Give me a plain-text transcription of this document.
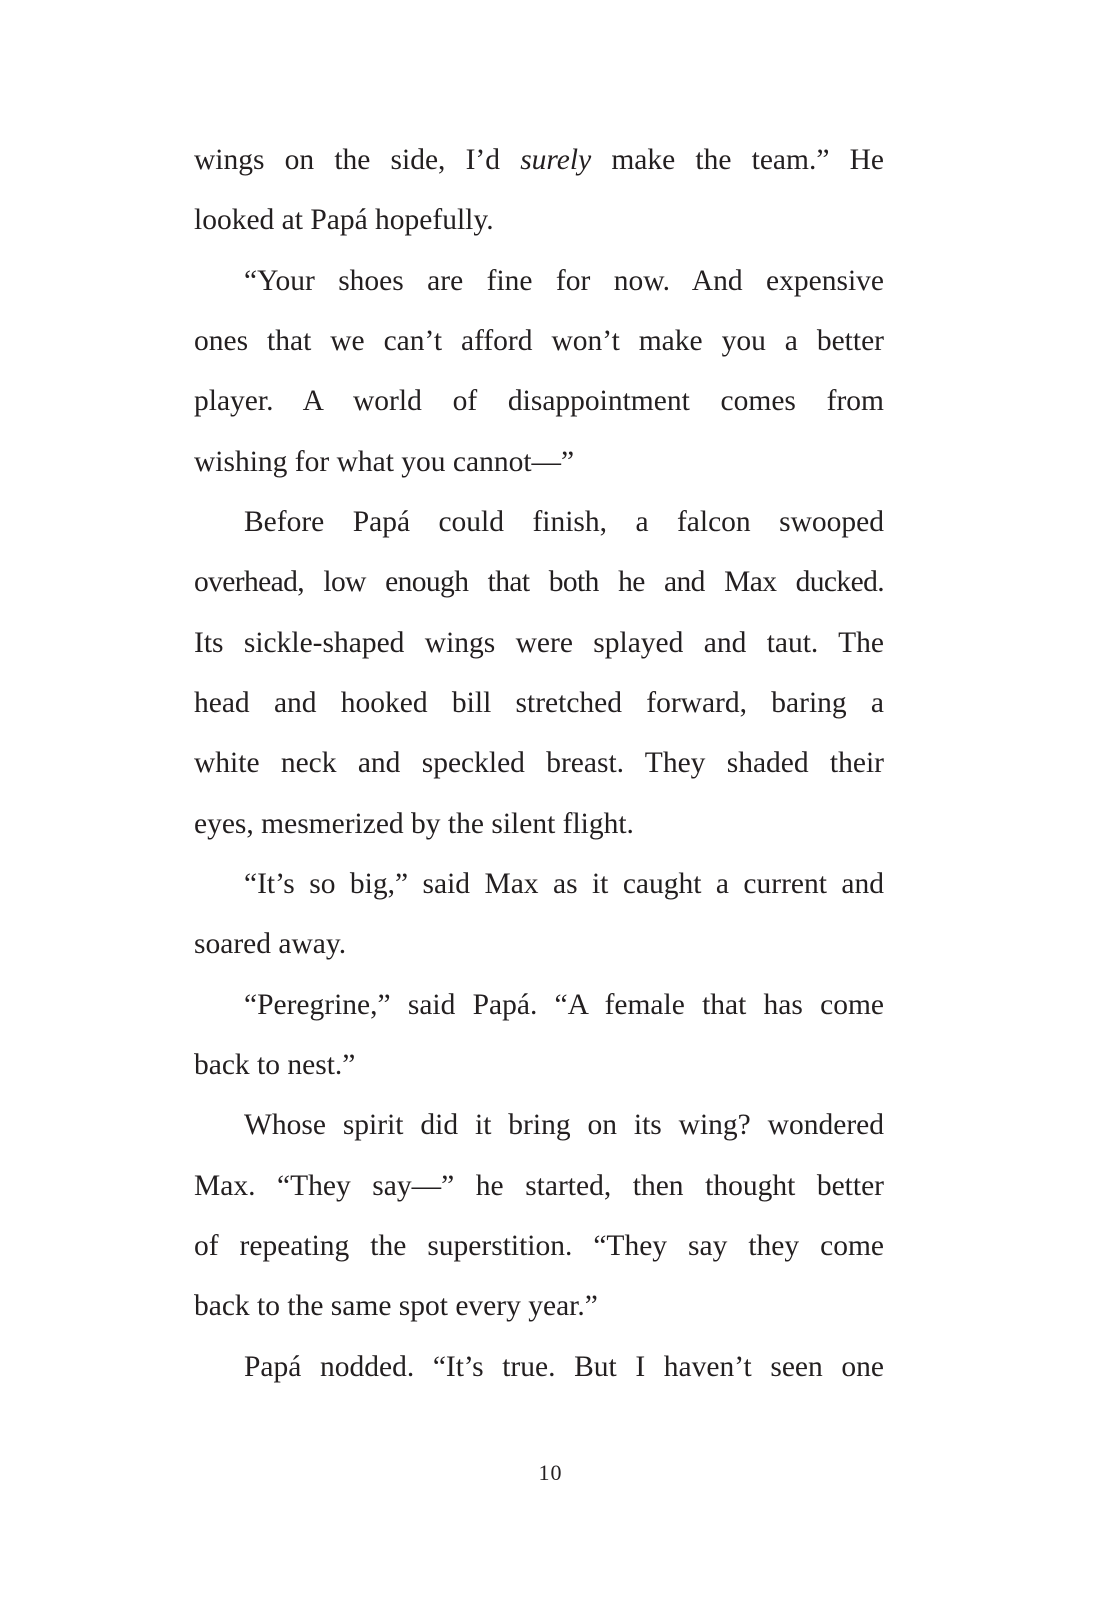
wings on the side, I’d surely make the team.” He
looked at Papá hopefully.
“Your shoes are fine for now. And expensive
ones that we can’t afford won’t make you a better
player. A world of disappointment comes from
wishing for what you cannot—”
Before Papá could finish, a falcon swooped
overhead, low enough that both he and Max ducked.
Its sickle-shaped wings were splayed and taut. The
head and hooked bill stretched forward, baring a
white neck and speckled breast. They shaded their
eyes, mesmerized by the silent flight.
“It’s so big,” said Max as it caught a current and
soared away.
“Peregrine,” said Papá. “A female that has come
back to nest.”
Whose spirit did it bring on its wing? wondered
Max. “They say—” he started, then thought better
of repeating the superstition. “They say they come
back to the same spot every year.”
Papá nodded. “It’s true. But I haven’t seen one
10
